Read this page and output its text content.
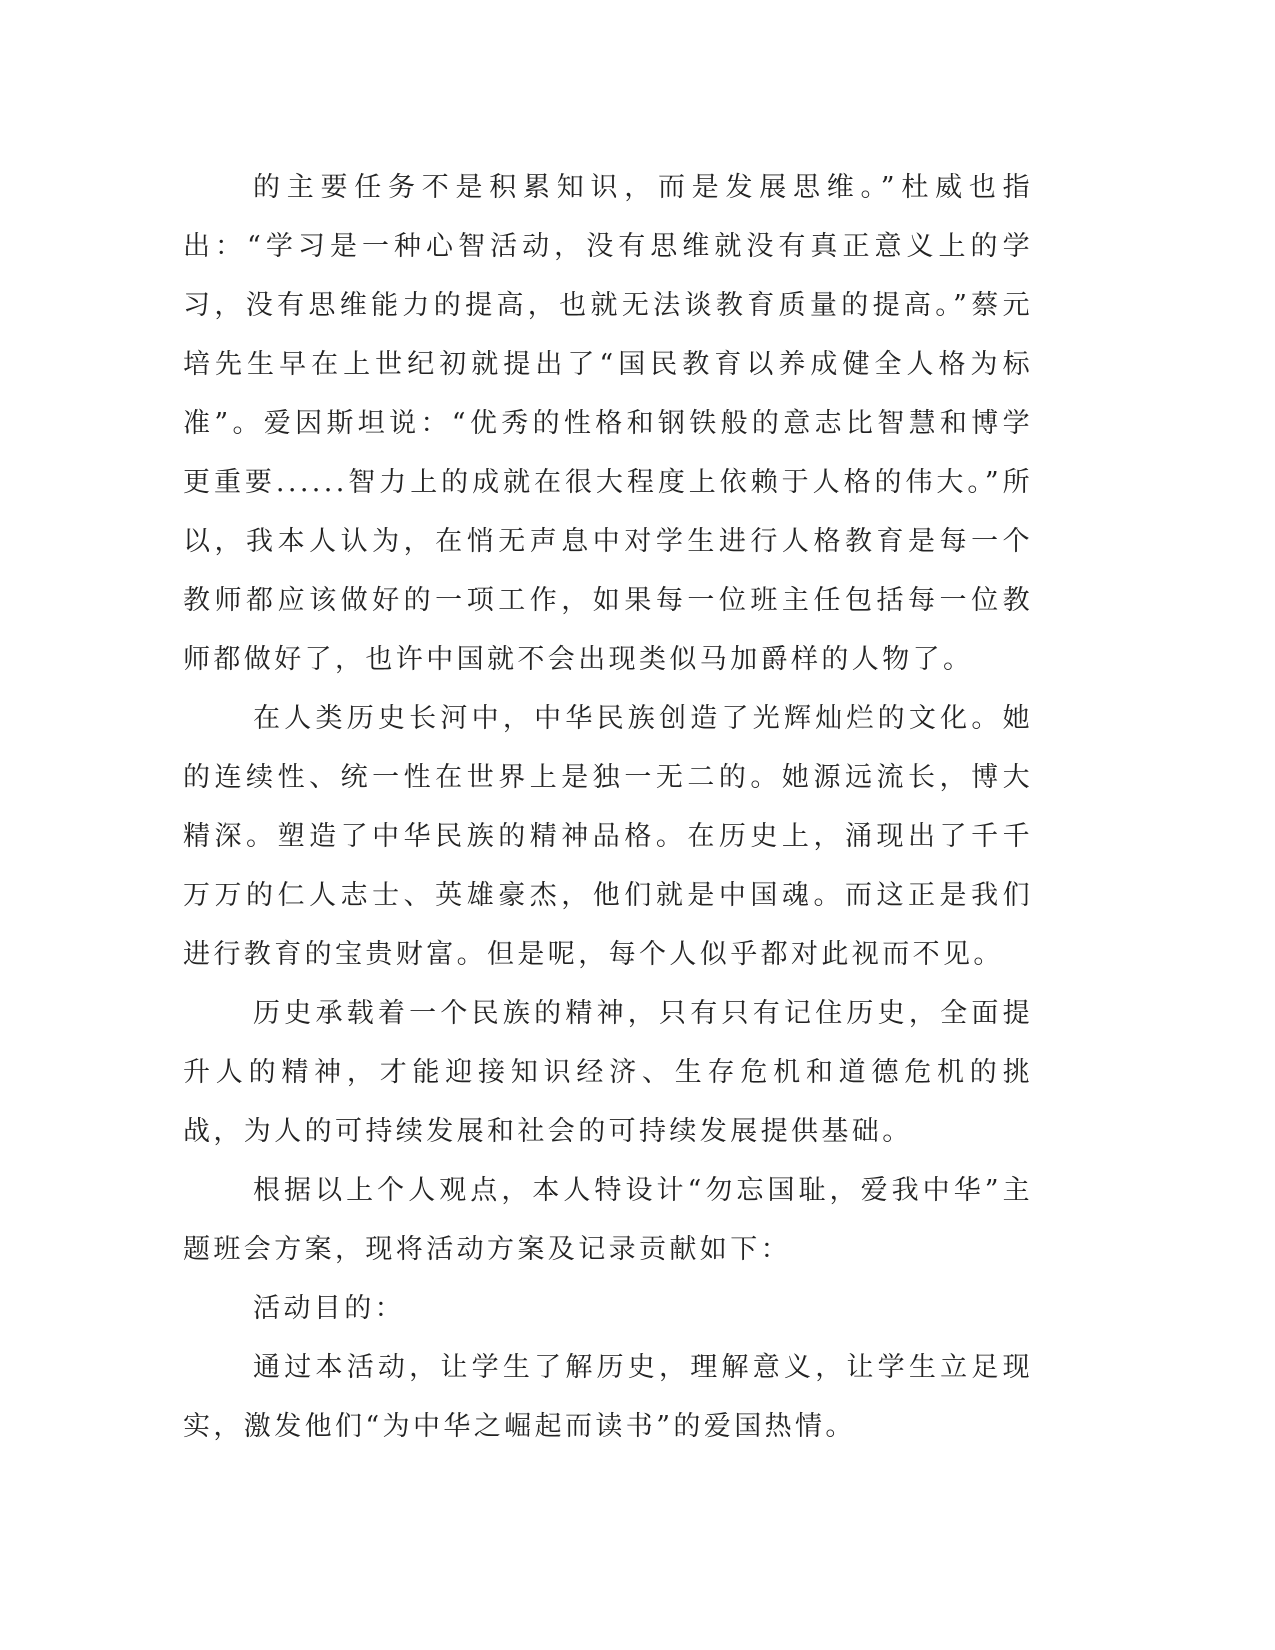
的主要任务不是积累知识，而是发展思维。”杜威也指出：“学习是一种心智活动，没有思维就没有真正意义上的学习，没有思维能力的提高，也就无法谈教育质量的提高。”蔡元培先生早在上世纪初就提出了“国民教育以养成健全人格为标准”。爱因斯坦说：“优秀的性格和钢铁般的意志比智慧和博学更重要......智力上的成就在很大程度上依赖于人格的伟大。”所以，我本人认为，在悄无声息中对学生进行人格教育是每一个教师都应该做好的一项工作，如果每一位班主任包括每一位教师都做好了，也许中国就不会出现类似马加爵样的人物了。

在人类历史长河中，中华民族创造了光辉灿烂的文化。她的连续性、统一性在世界上是独一无二的。她源远流长，博大精深。塑造了中华民族的精神品格。在历史上，涌现出了千千万万的仁人志士、英雄豪杰，他们就是中国魂。而这正是我们进行教育的宝贵财富。但是呢，每个人似乎都对此视而不见。

历史承载着一个民族的精神，只有只有记住历史，全面提升人的精神，才能迎接知识经济、生存危机和道德危机的挑战，为人的可持续发展和社会的可持续发展提供基础。

根据以上个人观点，本人特设计“勿忘国耻，爱我中华”主题班会方案，现将活动方案及记录贡献如下：

活动目的：

通过本活动，让学生了解历史，理解意义，让学生立足现实，激发他们“为中华之崛起而读书”的爱国热情。
